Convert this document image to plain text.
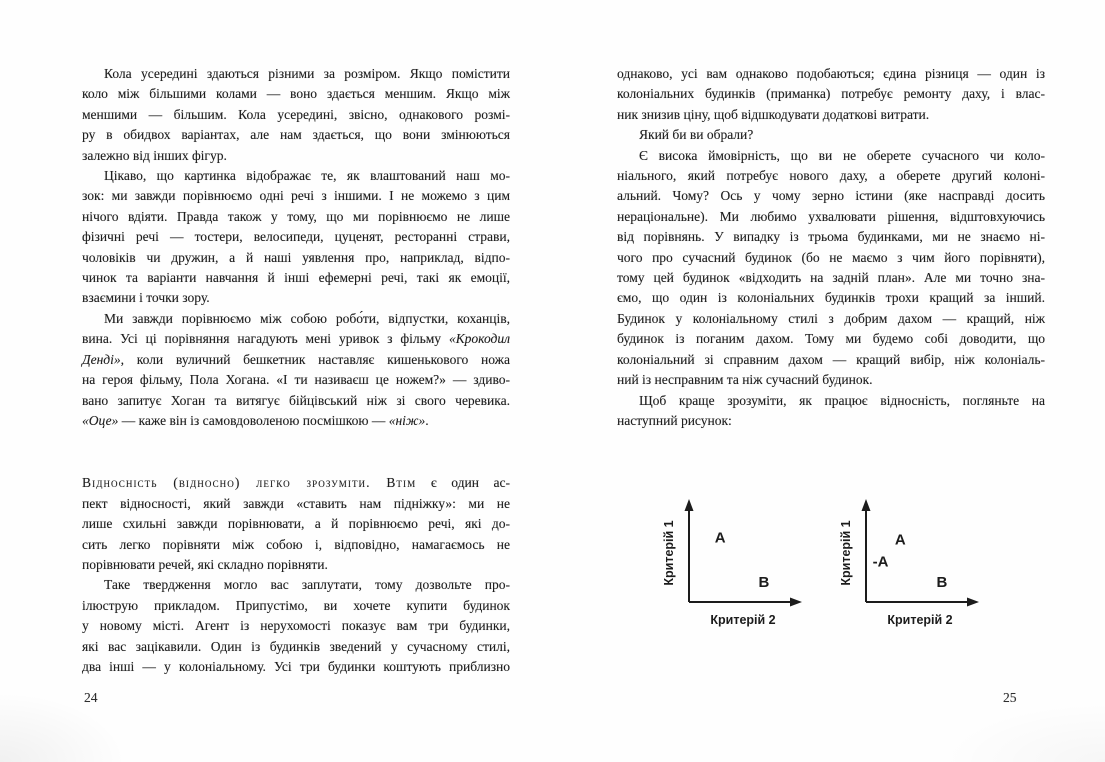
Кола усередині здаються різними за розміром. Якщо помістити
коло між більшими колами — воно здається меншим. Якщо між
меншими — більшим. Кола усередині, звісно, однакового розмі-
ру в обидвох варіантах, але нам здається, що вони змінюються
залежно від інших фігур.
Цікаво, що картинка відображає те, як влаштований наш мо-
зок: ми завжди порівнюємо одні речі з іншими. І не можемо з цим
нічого вдіяти. Правда також у тому, що ми порівнюємо не лише
фізичні речі — тостери, велосипеди, цуценят, ресторанні страви,
чоловіків чи дружин, а й наші уявлення про, наприклад, відпо-
чинок та варіанти навчання й інші ефемерні речі, такі як емоції,
взаємини і точки зору.
Ми завжди порівнюємо між собою робо́ти, відпустки, коханців,
вина. Усі ці порівняння нагадують мені уривок з фільму «Крокодил
Денді», коли вуличний бешкетник наставляє кишенькового ножа
на героя фільму, Пола Хогана. «І ти називаєш це ножем?» — здиво-
вано запитує Хоган та витягує бійцівський ніж зі свого черевика.
«Оце» — каже він із самовдоволеною посмішкою — «ніж».
Відносність (відносно) легко зрозуміти. Втім є один ас-
пект відносності, який завжди «ставить нам підніжку»: ми не
лише схильні завжди порівнювати, а й порівнюємо речі, які до-
сить легко порівняти між собою і, відповідно, намагаємось не
порівнювати речей, які складно порівняти.
Таке твердження могло вас заплутати, тому дозвольте про-
ілюструю прикладом. Припустімо, ви хочете купити будинок
у новому місті. Агент із нерухомості показує вам три будинки,
які вас зацікавили. Один із будинків зведений у сучасному стилі,
два інші — у колоніальному. Усі три будинки коштують приблизно
однаково, усі вам однаково подобаються; єдина різниця — один із
колоніальних будинків (приманка) потребує ремонту даху, і влас-
ник знизив ціну, щоб відшкодувати додаткові витрати.
Який би ви обрали?
Є висока ймовірність, що ви не оберете сучасного чи коло-
ніального, який потребує нового даху, а оберете другий колоні-
альний. Чому? Ось у чому зерно істини (яке насправді досить
нераціональне). Ми любимо ухвалювати рішення, відштовхуючись
від порівнянь. У випадку із трьома будинками, ми не знаємо ні-
чого про сучасний будинок (бо не маємо з чим його порівняти),
тому цей будинок «відходить на задній план». Але ми точно зна-
ємо, що один із колоніальних будинків трохи кращий за інший.
Будинок у колоніальному стилі з добрим дахом — кращий, ніж
будинок із поганим дахом. Тому ми будемо собі доводити, що
колоніальний зі справним дахом — кращий вибір, ніж колоніаль-
ний із несправним та ніж сучасний будинок.
Щоб краще зрозуміти, як працює відносність, погляньте на
наступний рисунок:
Критерій 1
Критерій 2
A
B	Критерій 1
Критерій 2
A
-A
B
24	25
